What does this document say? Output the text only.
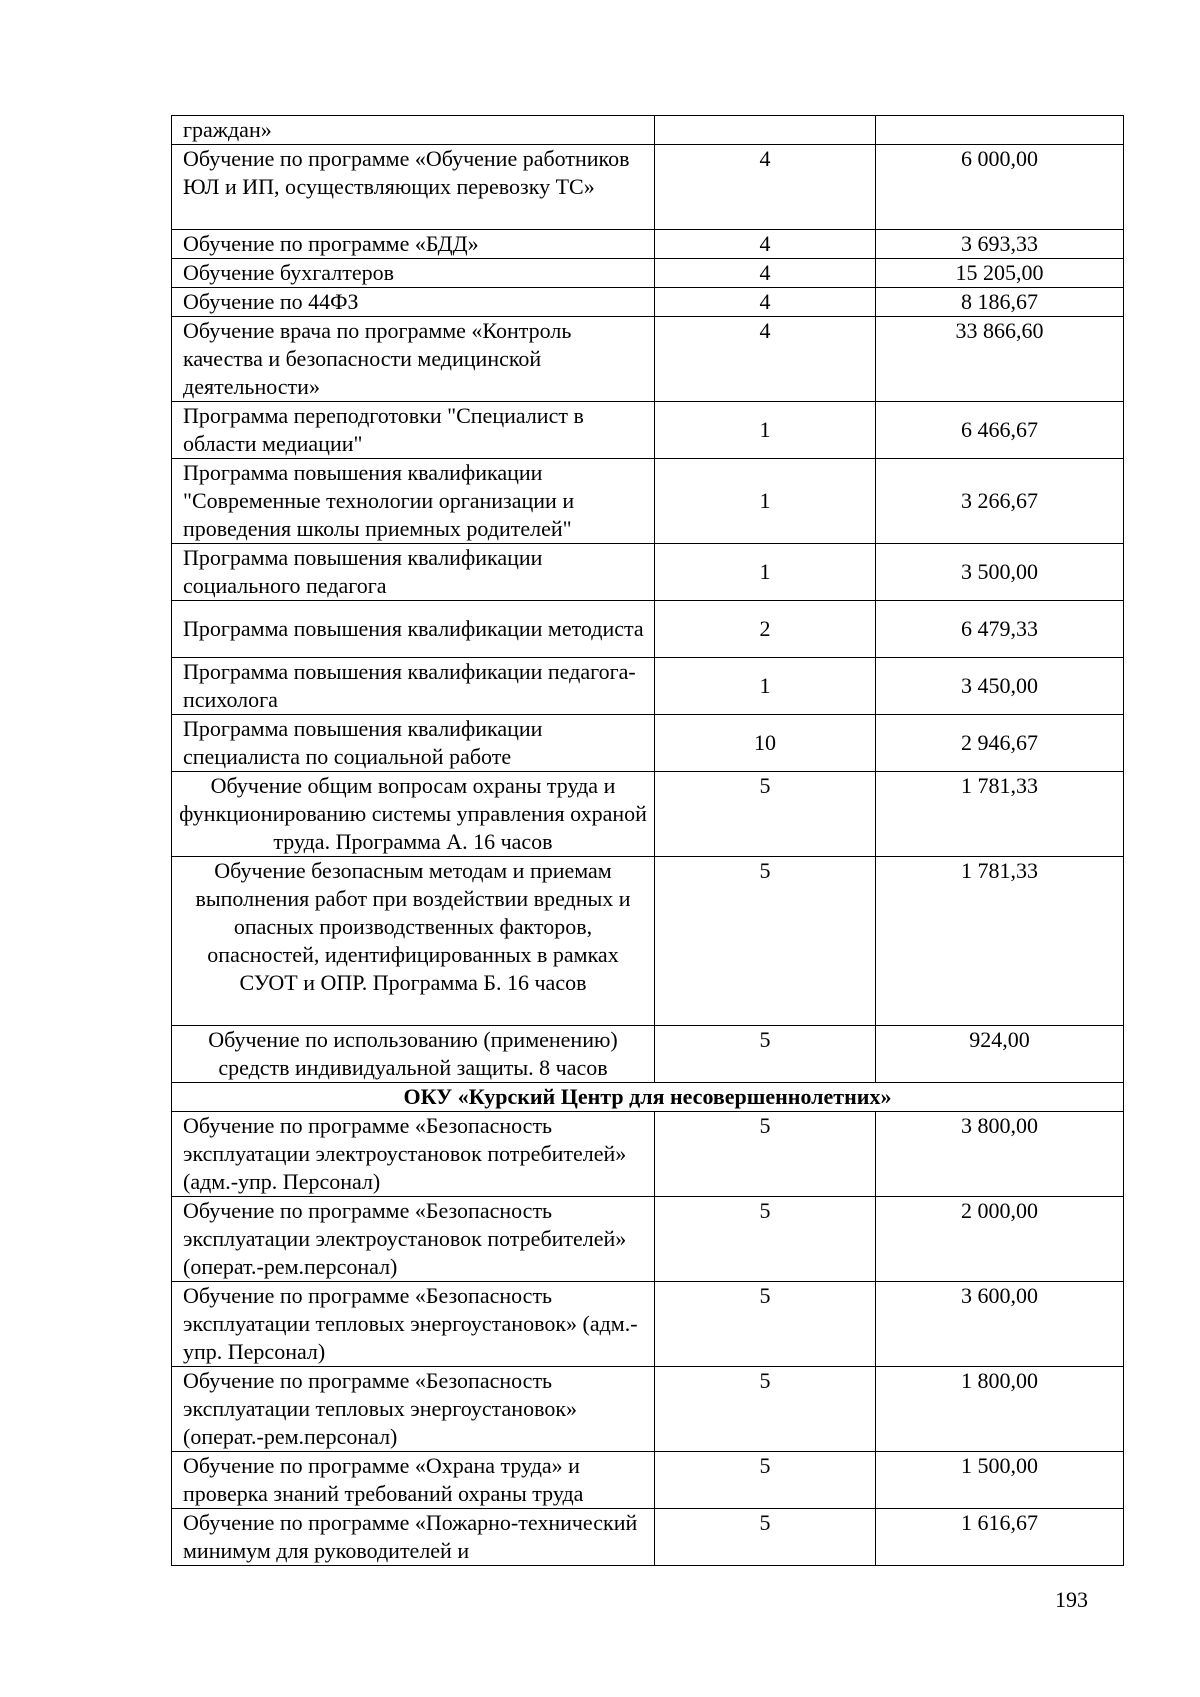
граждан»		
Обучение по программе «Обучение работников ЮЛ и ИП, осуществляющих перевозку ТС»	4	6 000,00
Обучение по программе «БДД»	4	3 693,33
Обучение бухгалтеров	4	15 205,00
Обучение по 44ФЗ	4	8 186,67
Обучение врача по программе «Контроль качества и безопасности медицинской деятельности»	4	33 866,60
Программа переподготовки "Специалист в области медиации"	1	6 466,67
Программа повышения квалификации "Современные технологии организации и проведения школы приемных родителей"	1	3 266,67
Программа повышения квалификации социального педагога	1	3 500,00
Программа повышения квалификации методиста	2	6 479,33
Программа повышения квалификации педагога-психолога	1	3 450,00
Программа повышения квалификации специалиста по социальной работе	10	2 946,67
Обучение общим вопросам охраны труда и функционированию системы управления охраной труда. Программа А. 16 часов	5	1 781,33
Обучение безопасным методам и приемам выполнения работ при воздействии вредных и опасных производственных факторов, опасностей, идентифицированных в рамках СУОТ и ОПР. Программа Б. 16 часов	5	1 781,33
Обучение по использованию (применению) средств индивидуальной защиты. 8 часов	5	924,00
ОКУ «Курский Центр для несовершеннолетних»		
Обучение по программе «Безопасность эксплуатации электроустановок потребителей» (адм.-упр. Персонал)	5	3 800,00
Обучение по программе «Безопасность эксплуатации электроустановок потребителей» (операт.-рем.персонал)	5	2 000,00
Обучение по программе «Безопасность эксплуатации тепловых энергоустановок» (адм.-упр. Персонал)	5	3 600,00
Обучение по программе «Безопасность эксплуатации тепловых энергоустановок» (операт.-рем.персонал)	5	1 800,00
Обучение по программе «Охрана труда» и проверка знаний требований охраны труда	5	1 500,00
Обучение по программе «Пожарно-технический минимум для руководителей и	5	1 616,67
193
